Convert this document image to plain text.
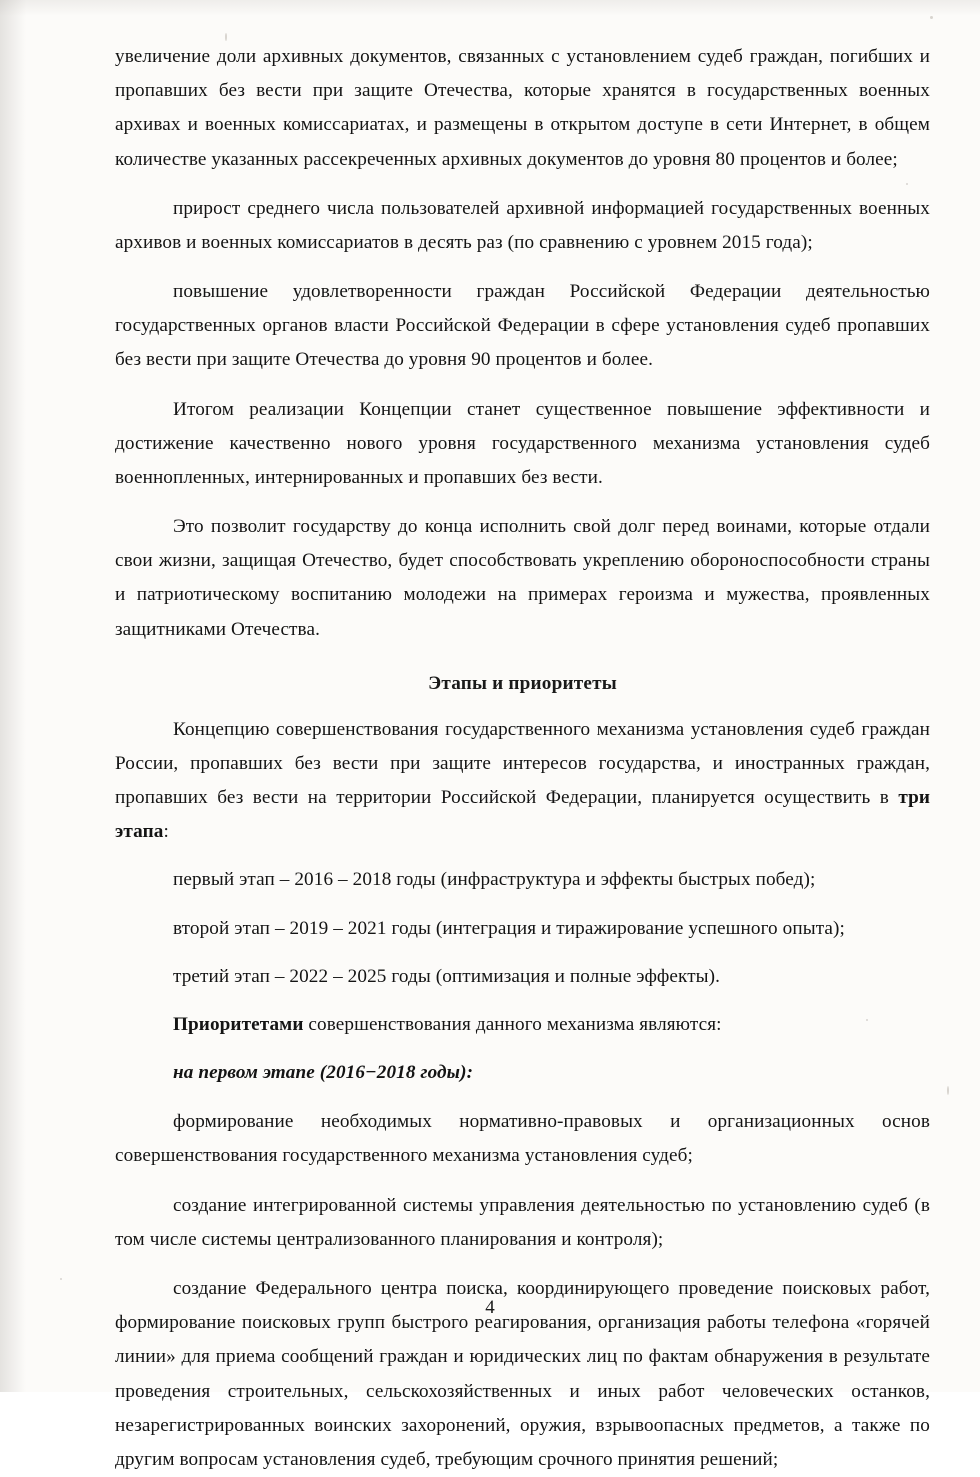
увеличение доли архивных документов, связанных с установлением судеб граждан, погибших и пропавших без вести при защите Отечества, которые хранятся в государственных военных архивах и военных комиссариатах, и размещены в открытом доступе в сети Интернет, в общем количестве указанных рассекреченных архивных документов до уровня 80 процентов и более;

прирост среднего числа пользователей архивной информацией государственных военных архивов и военных комиссариатов в десять раз (по сравнению с уровнем 2015 года);

повышение удовлетворенности граждан Российской Федерации деятельностью государственных органов власти Российской Федерации в сфере установления судеб пропавших без вести при защите Отечества до уровня 90 процентов и более.

Итогом реализации Концепции станет существенное повышение эффективности и достижение качественно нового уровня государственного механизма установления судеб военнопленных, интернированных и пропавших без вести.

Это позволит государству до конца исполнить свой долг перед воинами, которые отдали свои жизни, защищая Отечество, будет способствовать укреплению обороноспособности страны и патриотическому воспитанию молодежи на примерах героизма и мужества, проявленных защитниками Отечества.

Этапы и приоритеты

Концепцию совершенствования государственного механизма установления судеб граждан России, пропавших без вести при защите интересов государства, и иностранных граждан, пропавших без вести на территории Российской Федерации, планируется осуществить в три этапа:

первый этап – 2016 – 2018 годы (инфраструктура и эффекты быстрых побед);

второй этап – 2019 – 2021 годы (интеграция и тиражирование успешного опыта);

третий этап – 2022 – 2025 годы (оптимизация и полные эффекты).

Приоритетами совершенствования данного механизма являются:

на первом этапе (2016−2018 годы):

формирование необходимых нормативно-правовых и организационных основ совершенствования государственного механизма установления судеб;

создание интегрированной системы управления деятельностью по установлению судеб (в том числе системы централизованного планирования и контроля);

создание Федерального центра поиска, координирующего проведение поисковых работ, формирование поисковых групп быстрого реагирования, организация работы телефона «горячей линии» для приема сообщений граждан и юридических лиц по фактам обнаружения в результате проведения строительных, сельскохозяйственных и иных работ человеческих останков, незарегистрированных воинских захоронений, оружия, взрывоопасных предметов, а также по другим вопросам установления судеб, требующим срочного принятия решений;

4
